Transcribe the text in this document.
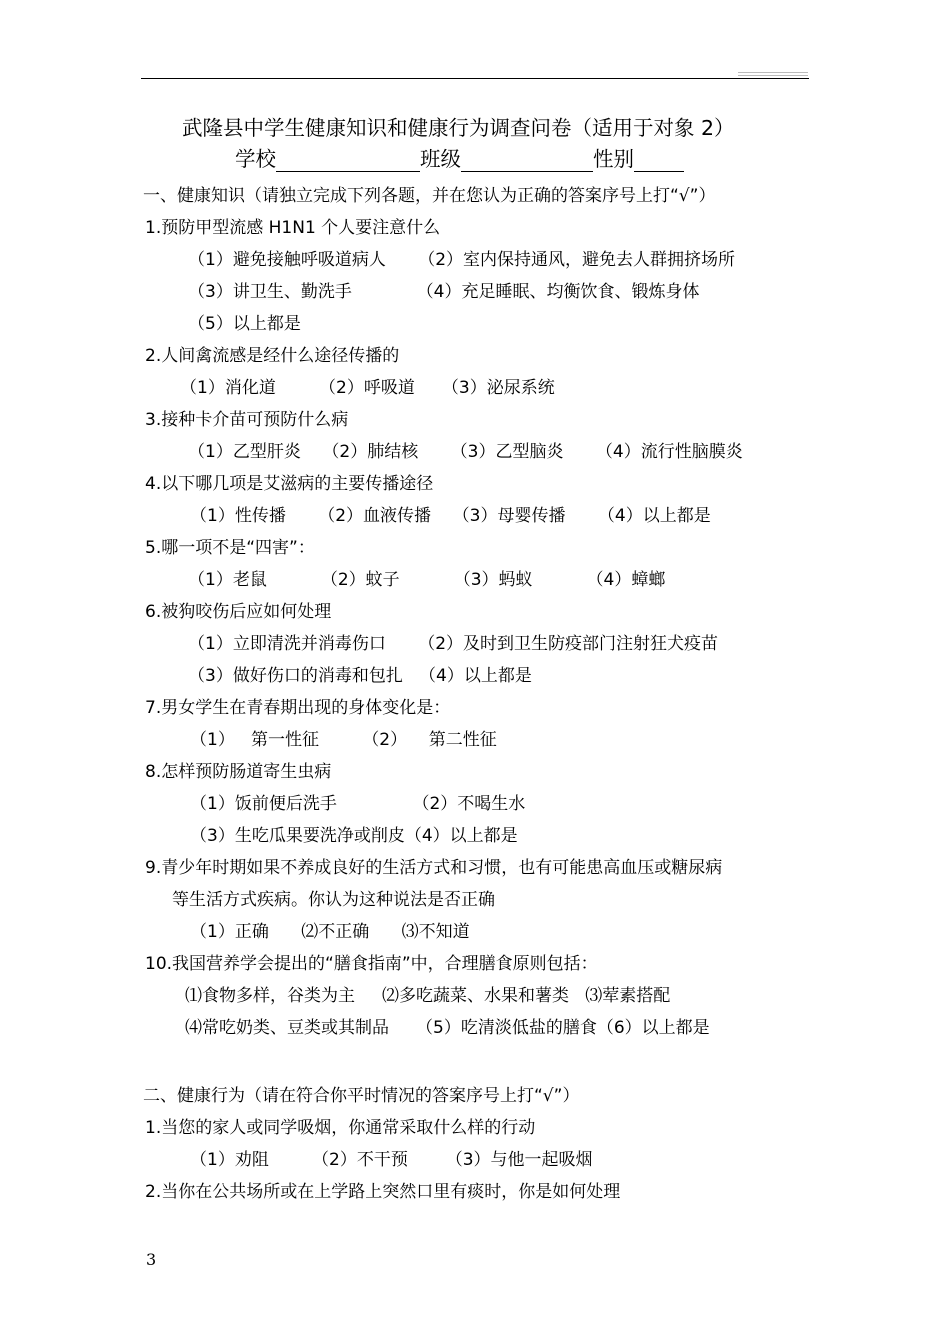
武隆县中学生健康知识和健康行为调查问卷（适用于对象 2）
学校	班级	性别
一、健康知识（请独立完成下列各题，并在您认为正确的答案序号上打“√”）
1.预防甲型流感 H1N1 个人要注意什么
（1）避免接触呼吸道病人      （2）室内保持通风，避免去人群拥挤场所
（3）讲卫生、勤洗手            （4）充足睡眠、均衡饮食、锻炼身体
（5）以上都是
2.人间禽流感是经什么途径传播的
（1）消化道        （2）呼吸道     （3）泌尿系统
3.接种卡介苗可预防什么病
（1）乙型肝炎    （2）肺结核      （3）乙型脑炎      （4）流行性脑膜炎
4.以下哪几项是艾滋病的主要传播途径
（1）性传播      （2）血液传播    （3）母婴传播      （4）以上都是
5.哪一项不是“四害”：
（1）老鼠          （2）蚊子          （3）蚂蚁          （4）蟑螂
6.被狗咬伤后应如何处理
（1）立即清洗并消毒伤口      （2）及时到卫生防疫部门注射狂犬疫苗
（3）做好伤口的消毒和包扎   （4）以上都是
7.男女学生在青春期出现的身体变化是：
（1）   第一性征        （2）    第二性征
8.怎样预防肠道寄生虫病
（1）饭前便后洗手              （2）不喝生水
（3）生吃瓜果要洗净或削皮（4）以上都是
9.青少年时期如果不养成良好的生活方式和习惯，也有可能患高血压或糖尿病
等生活方式疾病。你认为这种说法是否正确
（1）正确      ⑵不正确      ⑶不知道
10.我国营养学会提出的“膳食指南”中，合理膳食原则包括：
⑴食物多样，谷类为主     ⑵多吃蔬菜、水果和薯类   ⑶荤素搭配
⑷常吃奶类、豆类或其制品     （5）吃清淡低盐的膳食（6）以上都是
二、健康行为（请在符合你平时情况的答案序号上打“√”）
1.当您的家人或同学吸烟，你通常采取什么样的行动
（1）劝阻        （2）不干预       （3）与他一起吸烟
2.当你在公共场所或在上学路上突然口里有痰时，你是如何处理
3
